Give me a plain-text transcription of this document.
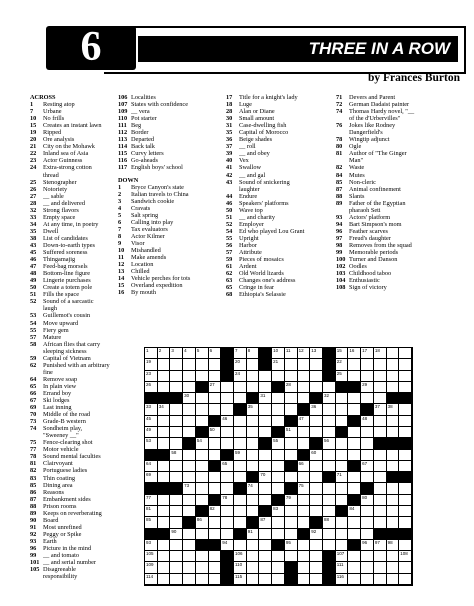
THREE IN A ROW
6
by Frances Burton
ACROSS
1	Resting atop
7	Urbane
10	No frills
15	Creates an instant lawn
19	Ripped
20	Ore analysis
21	City on the Mohawk
22	Inland sea of Asia
23	Actor Guinness
24	Extra-strong cotton
thread
25	Stenographer
26	Notoriety
27	__ sable
28	__ and delivered
32	Strong flavors
33	Empty space
34	At any time, in poetry
35	Dwell
38	List of candidates
43	Down-to-earth types
45	Suffered soreness
46	Thingamajig
47	Feed-bag morsels
48	Bottom-line figure
49	Lingerie purchases
50	Create a totem pole
51	Fills the space
52	Sound of a sarcastic
laugh
53	Guillemot's cousin
54	Move upward
55	Fiery gem
57	Mature
58	African flies that carry
sleeping sickness
59	Capital of Vietnam
62	Punished with an arbitrary
fine
64	Remove soap
65	In plain view
66	Errand boy
67	Ski lodges
69	Last inning
70	Middle of the road
73	Grade-B western
74	Sondheim play,
"Sweeney __"
75	Fence-clearing shot
77	Motor vehicle
78	Sound mental faculties
81	Clairvoyant
82	Portuguese ladies
83	Thin coating
85	Dining area
86	Reasons
87	Embankment sides
88	Prison rooms
89	Keeps on reverberating
90	Board
91	Most unrefined
92	Peggy or Spike
93	Earth
96	Picture in the mind
99	__ and tomato
101 __ and serial number
105 Disagreeable
responsibility
106 Localities
107 States with confidence
109 __ vera
110 Pot starter
111 Beg
112 Border
113 Departed
114 Back talk
115 Curvy letters
116 Go-aheads
117 English boys' school
DOWN
1	Bryce Canyon's state
2	Italian travels to China
3	Sandwich cookie
4	Cravats
5	Salt spring
6	Calling into play
7	Tax evaluators
8	Actor Kilmer
9	Visor
10	Mishandled
11	Make amends
12	Location
13	Chilled
14	Vehicle perches for tots
15	Overland expedition
16	By mouth
17	Title for a knight's lady
18	Luge
28	Alan or Diane
30	Small amount
31	Case-dwelling fish
35	Capital of Morocco
36	Beige shades
37	__ roll
39	__ and obey
40	Vex
41	Swallow
42	__ and gal
43	Sound of snickering
laughter
44	Endure
46	Speakers' platforms
50	Wave top
51	__ and charity
52	Employer
54	Ed who played Lou Grant
55	Upright
56	Harbor
57	Attribute
59	Pieces of mosaics
61	Ardent
62	Old World lizards
63	Changes one's address
65	Cringe in fear
68	Ethiopia's Selassie
71	Devers and Parent
72	German Dadaist painter
74	Thomas Hardy novel, "__
of the d'Urbervilles"
76	Jokes like Rodney
Dangerfield's
78	Wingtip adjunct
80	Ogle
81	Author of "The Ginger
Man"
82	Waste
84	Mutes
85	Non-cleric
87	Animal confinement
88	Slants
89	Father of the Egyptian
pharaoh Seti
93	Actors' platform
94	Bart Simpson's mom
96	Feather scarves
97	Freud's daughter
98	Removes from the squad
99	Memorable periods
100 Turner and Danson
102 Oodles
103 Childhood taboo
104 Enthusiastic
108 Sign of victory
1 2 3 4 5 6	7 8	10 11 12 13	15 16 17 18
19	20	21	22
23	24	25
26	27	28	29
30	31	32
33 34	35	36	37 38
45	46	47	48
49	50	51
53	54	55	56
58	59	60
64	65	66	67
69	70	71
73	74	75
77	78	79	80
81	82	83	84
85	86	87	88
90	91	92
93	94	95	96 97 98
105	106	107	108
109	110	111
114	115	116
